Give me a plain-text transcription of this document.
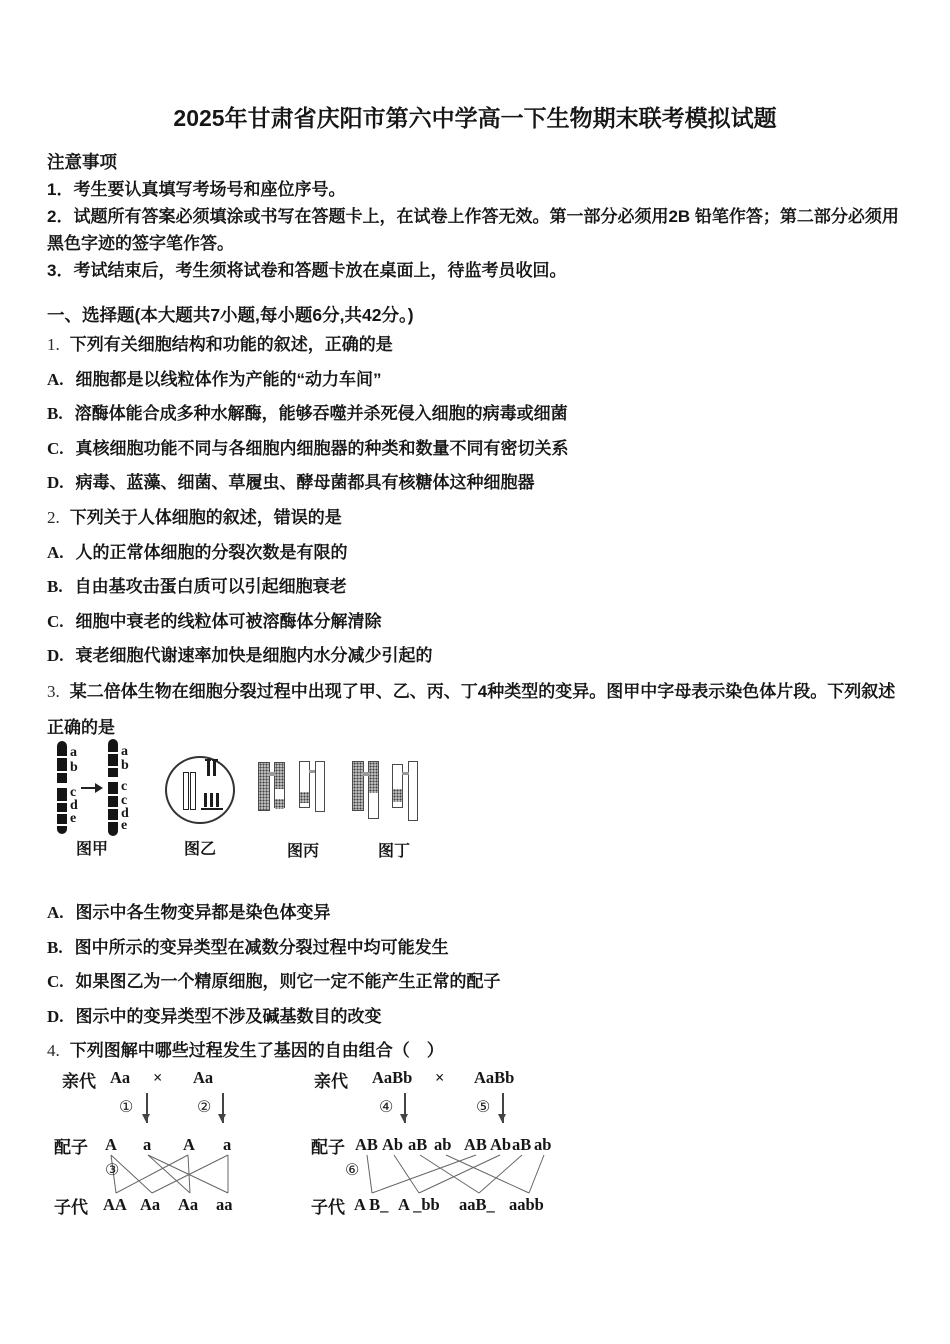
2025年甘肃省庆阳市第六中学高一下生物期末联考模拟试题
注意事项
1．考生要认真填写考场号和座位序号。
2．试题所有答案必须填涂或书写在答题卡上，在试卷上作答无效。第一部分必须用2B 铅笔作答；第二部分必须用黑色字迹的签字笔作答。
3．考试结束后，考生须将试卷和答题卡放在桌面上，待监考员收回。
一、选择题(本大题共7小题,每小题6分,共42分。)
1. 下列有关细胞结构和功能的叙述，正确的是
A. 细胞都是以线粒体作为产能的“动力车间”
B. 溶酶体能合成多种水解酶，能够吞噬并杀死侵入细胞的病毒或细菌
C. 真核细胞功能不同与各细胞内细胞器的种类和数量不同有密切关系
D. 病毒、蓝藻、细菌、草履虫、酵母菌都具有核糖体这种细胞器
2. 下列关于人体细胞的叙述，错误的是
A. 人的正常体细胞的分裂次数是有限的
B. 自由基攻击蛋白质可以引起细胞衰老
C. 细胞中衰老的线粒体可被溶酶体分解清除
D. 衰老细胞代谢速率加快是细胞内水分减少引起的
3. 某二倍体生物在细胞分裂过程中出现了甲、乙、丙、丁4种类型的变异。图甲中字母表示染色体片段。下列叙述正确的是
a
b
c
d
e
a
b
c
c
d
e
图甲	图乙	图丙	图丁
A. 图示中各生物变异都是染色体变异
B. 图中所示的变异类型在减数分裂过程中均可能发生
C. 如果图乙为一个精原细胞，则它一定不能产生正常的配子
D. 图示中的变异类型不涉及碱基数目的改变
4. 下列图解中哪些过程发生了基因的自由组合（　）
亲代 Aa × Aa
①	②
配子 A a A a
③
子代 AA Aa Aa aa
亲代 AaBb × AaBb
④	⑤
配子 AB Ab aB ab AB Ab aB ab
⑥
子代 A B_ A _bb aaB_ aabb
